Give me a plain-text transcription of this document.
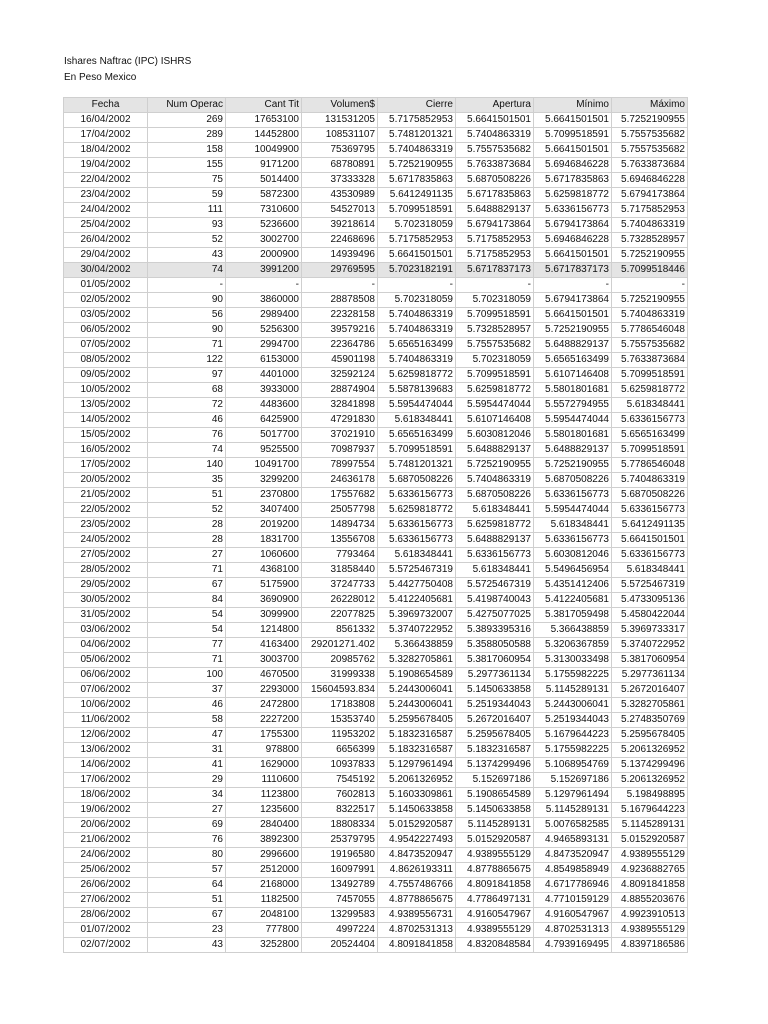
Ishares Naftrac (IPC) ISHRS
En Peso Mexico
Fecha	Num Operac	Cant Tit	Volumen$	Cierre	Apertura	Mínimo	Máximo
16/04/2002	269	17653100	131531205	5.7175852953	5.6641501501	5.6641501501	5.7252190955
17/04/2002	289	14452800	108531107	5.7481201321	5.7404863319	5.7099518591	5.7557535682
18/04/2002	158	10049900	75369795	5.7404863319	5.7557535682	5.6641501501	5.7557535682
19/04/2002	155	9171200	68780891	5.7252190955	5.7633873684	5.6946846228	5.7633873684
22/04/2002	75	5014400	37333328	5.6717835863	5.6870508226	5.6717835863	5.6946846228
23/04/2002	59	5872300	43530989	5.6412491135	5.6717835863	5.6259818772	5.6794173864
24/04/2002	111	7310600	54527013	5.7099518591	5.6488829137	5.6336156773	5.7175852953
25/04/2002	93	5236600	39218614	5.702318059	5.6794173864	5.6794173864	5.7404863319
26/04/2002	52	3002700	22468696	5.7175852953	5.7175852953	5.6946846228	5.7328528957
29/04/2002	43	2000900	14939496	5.6641501501	5.7175852953	5.6641501501	5.7252190955
30/04/2002	74	3991200	29769595	5.7023182191	5.6717837173	5.6717837173	5.7099518446
01/05/2002	-	-	-	-	-	-	-
02/05/2002	90	3860000	28878508	5.702318059	5.702318059	5.6794173864	5.7252190955
03/05/2002	56	2989400	22328158	5.7404863319	5.7099518591	5.6641501501	5.7404863319
06/05/2002	90	5256300	39579216	5.7404863319	5.7328528957	5.7252190955	5.7786546048
07/05/2002	71	2994700	22364786	5.6565163499	5.7557535682	5.6488829137	5.7557535682
08/05/2002	122	6153000	45901198	5.7404863319	5.702318059	5.6565163499	5.7633873684
09/05/2002	97	4401000	32592124	5.6259818772	5.7099518591	5.6107146408	5.7099518591
10/05/2002	68	3933000	28874904	5.5878139683	5.6259818772	5.5801801681	5.6259818772
13/05/2002	72	4483600	32841898	5.5954474044	5.5954474044	5.5572794955	5.618348441
14/05/2002	46	6425900	47291830	5.618348441	5.6107146408	5.5954474044	5.6336156773
15/05/2002	76	5017700	37021910	5.6565163499	5.6030812046	5.5801801681	5.6565163499
16/05/2002	74	9525500	70987937	5.7099518591	5.6488829137	5.6488829137	5.7099518591
17/05/2002	140	10491700	78997554	5.7481201321	5.7252190955	5.7252190955	5.7786546048
20/05/2002	35	3299200	24636178	5.6870508226	5.7404863319	5.6870508226	5.7404863319
21/05/2002	51	2370800	17557682	5.6336156773	5.6870508226	5.6336156773	5.6870508226
22/05/2002	52	3407400	25057798	5.6259818772	5.618348441	5.5954474044	5.6336156773
23/05/2002	28	2019200	14894734	5.6336156773	5.6259818772	5.618348441	5.6412491135
24/05/2002	28	1831700	13556708	5.6336156773	5.6488829137	5.6336156773	5.6641501501
27/05/2002	27	1060600	7793464	5.618348441	5.6336156773	5.6030812046	5.6336156773
28/05/2002	71	4368100	31858440	5.5725467319	5.618348441	5.5496456954	5.618348441
29/05/2002	67	5175900	37247733	5.4427750408	5.5725467319	5.4351412406	5.5725467319
30/05/2002	84	3690900	26228012	5.4122405681	5.4198740043	5.4122405681	5.4733095136
31/05/2002	54	3099900	22077825	5.3969732007	5.4275077025	5.3817059498	5.4580422044
03/06/2002	54	1214800	8561332	5.3740722952	5.3893395316	5.366438859	5.3969733317
04/06/2002	77	4163400	29201271.402	5.366438859	5.3588050588	5.3206367859	5.3740722952
05/06/2002	71	3003700	20985762	5.3282705861	5.3817060954	5.3130033498	5.3817060954
06/06/2002	100	4670500	31999338	5.1908654589	5.2977361134	5.1755982225	5.2977361134
07/06/2002	37	2293000	15604593.834	5.2443006041	5.1450633858	5.1145289131	5.2672016407
10/06/2002	46	2472800	17183808	5.2443006041	5.2519344043	5.2443006041	5.3282705861
11/06/2002	58	2227200	15353740	5.2595678405	5.2672016407	5.2519344043	5.2748350769
12/06/2002	47	1755300	11953202	5.1832316587	5.2595678405	5.1679644223	5.2595678405
13/06/2002	31	978800	6656399	5.1832316587	5.1832316587	5.1755982225	5.2061326952
14/06/2002	41	1629000	10937833	5.1297961494	5.1374299496	5.1068954769	5.1374299496
17/06/2002	29	1110600	7545192	5.2061326952	5.152697186	5.152697186	5.2061326952
18/06/2002	34	1123800	7602813	5.1603309861	5.1908654589	5.1297961494	5.198498895
19/06/2002	27	1235600	8322517	5.1450633858	5.1450633858	5.1145289131	5.1679644223
20/06/2002	69	2840400	18808334	5.0152920587	5.1145289131	5.0076582585	5.1145289131
21/06/2002	76	3892300	25379795	4.9542227493	5.0152920587	4.9465893131	5.0152920587
24/06/2002	80	2996600	19196580	4.8473520947	4.9389555129	4.8473520947	4.9389555129
25/06/2002	57	2512000	16097991	4.8626193311	4.8778865675	4.8549858949	4.9236882765
26/06/2002	64	2168000	13492789	4.7557486766	4.8091841858	4.6717786946	4.8091841858
27/06/2002	51	1182500	7457055	4.8778865675	4.7786497131	4.7710159129	4.8855203676
28/06/2002	67	2048100	13299583	4.9389556731	4.9160547967	4.9160547967	4.9923910513
01/07/2002	23	777800	4997224	4.8702531313	4.9389555129	4.8702531313	4.9389555129
02/07/2002	43	3252800	20524404	4.8091841858	4.8320848584	4.7939169495	4.8397186586
